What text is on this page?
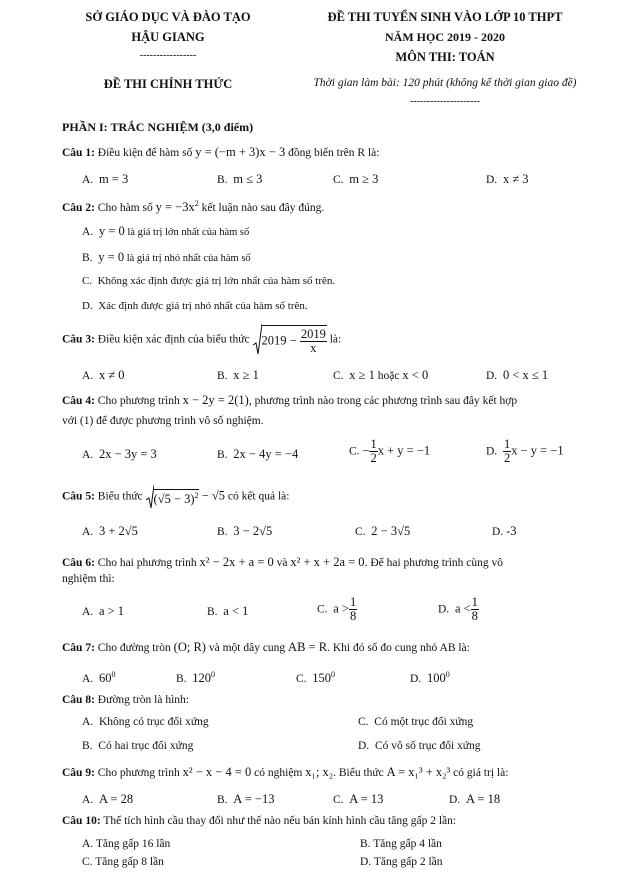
SỞ GIÁO DỤC VÀ ĐÀO TẠO
HẬU GIANG
-----------------
ĐỀ THI CHÍNH THỨC
ĐỀ THI TUYỂN SINH VÀO LỚP 10 THPT
NĂM HỌC 2019 - 2020
MÔN THI: TOÁN
Thời gian làm bài: 120 phút (không kể thời gian giao đề)
---------------------
PHẦN I: TRẮC NGHIỆM (3,0 điểm)
Câu 1: Điều kiện để hàm số y = (−m + 3)x − 3 đồng biến trên R là:
A. m = 3	B. m ≤ 3	C. m ≥ 3	D. x ≠ 3
Câu 2: Cho hàm số $y = -3x^2$ kết luận nào sau đây đúng.
A. y = 0 là giá trị lớn nhất của hàm số
B. y = 0 là giá trị nhỏ nhất của hàm số
C. Không xác định được giá trị lớn nhất của hàm số trên.
D. Xác định được giá trị nhỏ nhất của hàm số trên.
Câu 3: Điều kiện xác định của biểu thức $2019 - \frac{2019}{x}$ là:
A. x ≠ 0	B. x ≥ 1	C. x ≥ 1 hoặc x < 0	D. 0 < x ≤ 1
Câu 4: Cho phương trình x − 2y = 2(1), phương trình nào trong các phương trình sau đây kết hợp
với (1) để được phương trình vô số nghiệm.
A. 2x − 3y = 3	B. 2x − 4y = −4	C. − $\frac{1}{2}$ x + y = −1	D. $\frac{1}{2}$ x − y = −1
Câu 5: Biểu thức $(√5 - 3)^2 - √5$ có kết quả là:
A. 3 + 2√5	B. 3 − 2√5	C. 2 − 3√5	D. -3
Câu 6: Cho hai phương trình x² − 2x + a = 0 và x² + x + 2a = 0. Để hai phương trình cùng vô
nghiệm thì:
A. a > 1	B. a < 1	C. $a > \frac{1}{8}$	D. $a < \frac{1}{8}$
Câu 7: Cho đường tròn (O; R) và một dây cung AB = R. Khi đó số đo cung nhỏ AB là:
A. $60^0$	B. $120^0$	C. $150^0$	D. $100^0$
Câu 8: Đường tròn là hình:
A. Không có trục đối xứng	C. Có một trục đối xứng
B. Có hai trục đối xứng	D. Có vô số trục đối xứng
Câu 9: Cho phương trình x² − x − 4 = 0 có nghiệm x₁; x₂. Biểu thức A = x₁³ + x₂³ có giá trị là:
A. A = 28	B. A = −13	C. A = 13	D. A = 18
Câu 10: Thể tích hình cầu thay đổi như thế nào nếu bán kính hình cầu tăng gấp 2 lần:
A. Tăng gấp 16 lần	B. Tăng gấp 4 lần
C. Tăng gấp 8 lần	D. Tăng gấp 2 lần
